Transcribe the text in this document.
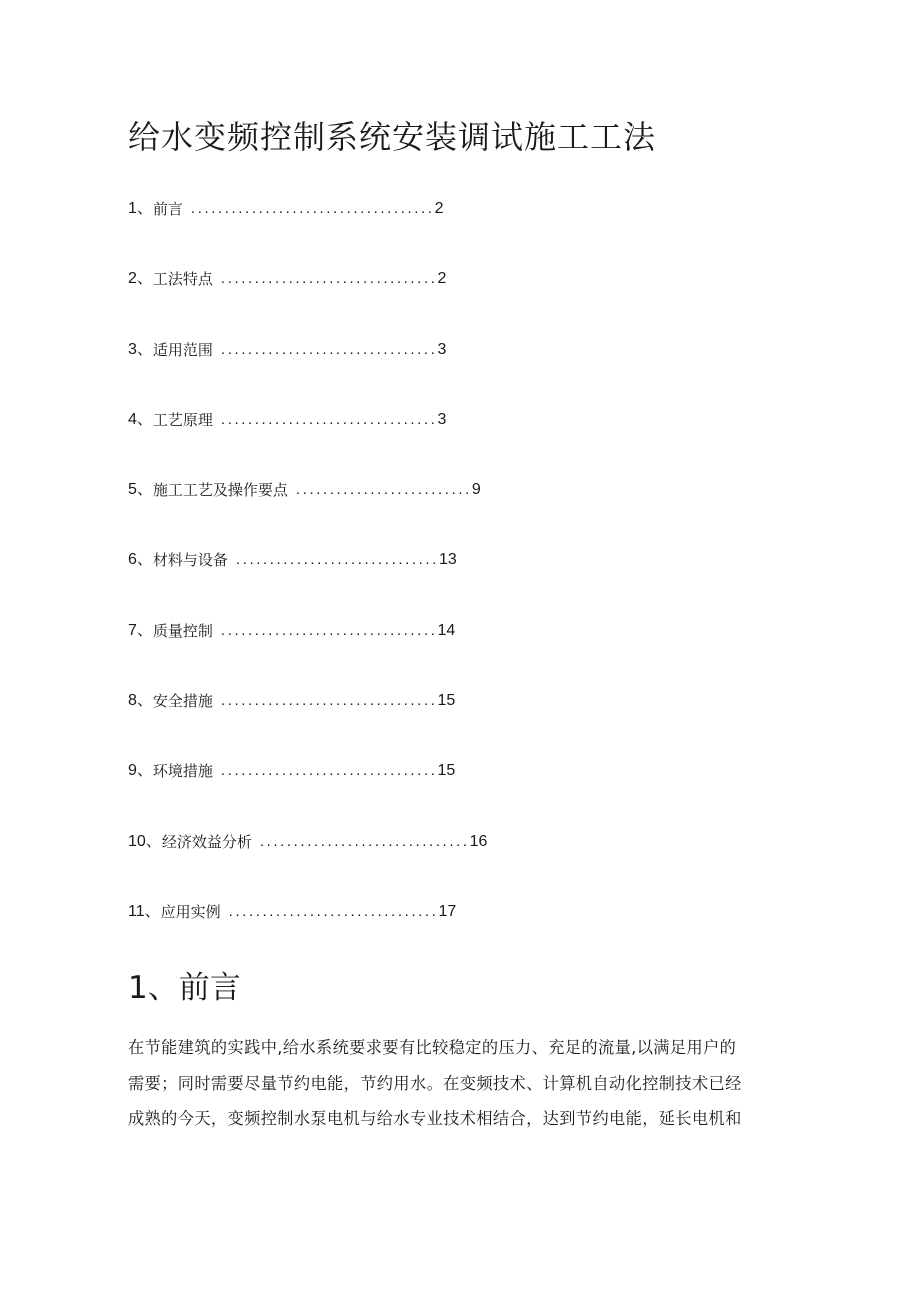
给水变频控制系统安装调试施工工法
1、 前言 .................................... 2
2、 工法特点 ................................ 2
3、 适用范围 ................................ 3
4、 工艺原理 ................................ 3
5、 施工工艺及操作要点 .......................... 9
6、 材料与设备 .............................. 13
7、 质量控制 ................................ 14
8、 安全措施 ................................ 15
9、 环境措施 ................................ 15
10、 经济效益分析 ............................... 16
11、 应用实例 ............................... 17
1、前言

在节能建筑的实践中,给水系统要求要有比较稳定的压力、充足的流量,以满足用户的
需要；同时需要尽量节约电能，节约用水。在变频技术、计算机自动化控制技术已经
成熟的今天，变频控制水泵电机与给水专业技术相结合，达到节约电能，延长电机和
